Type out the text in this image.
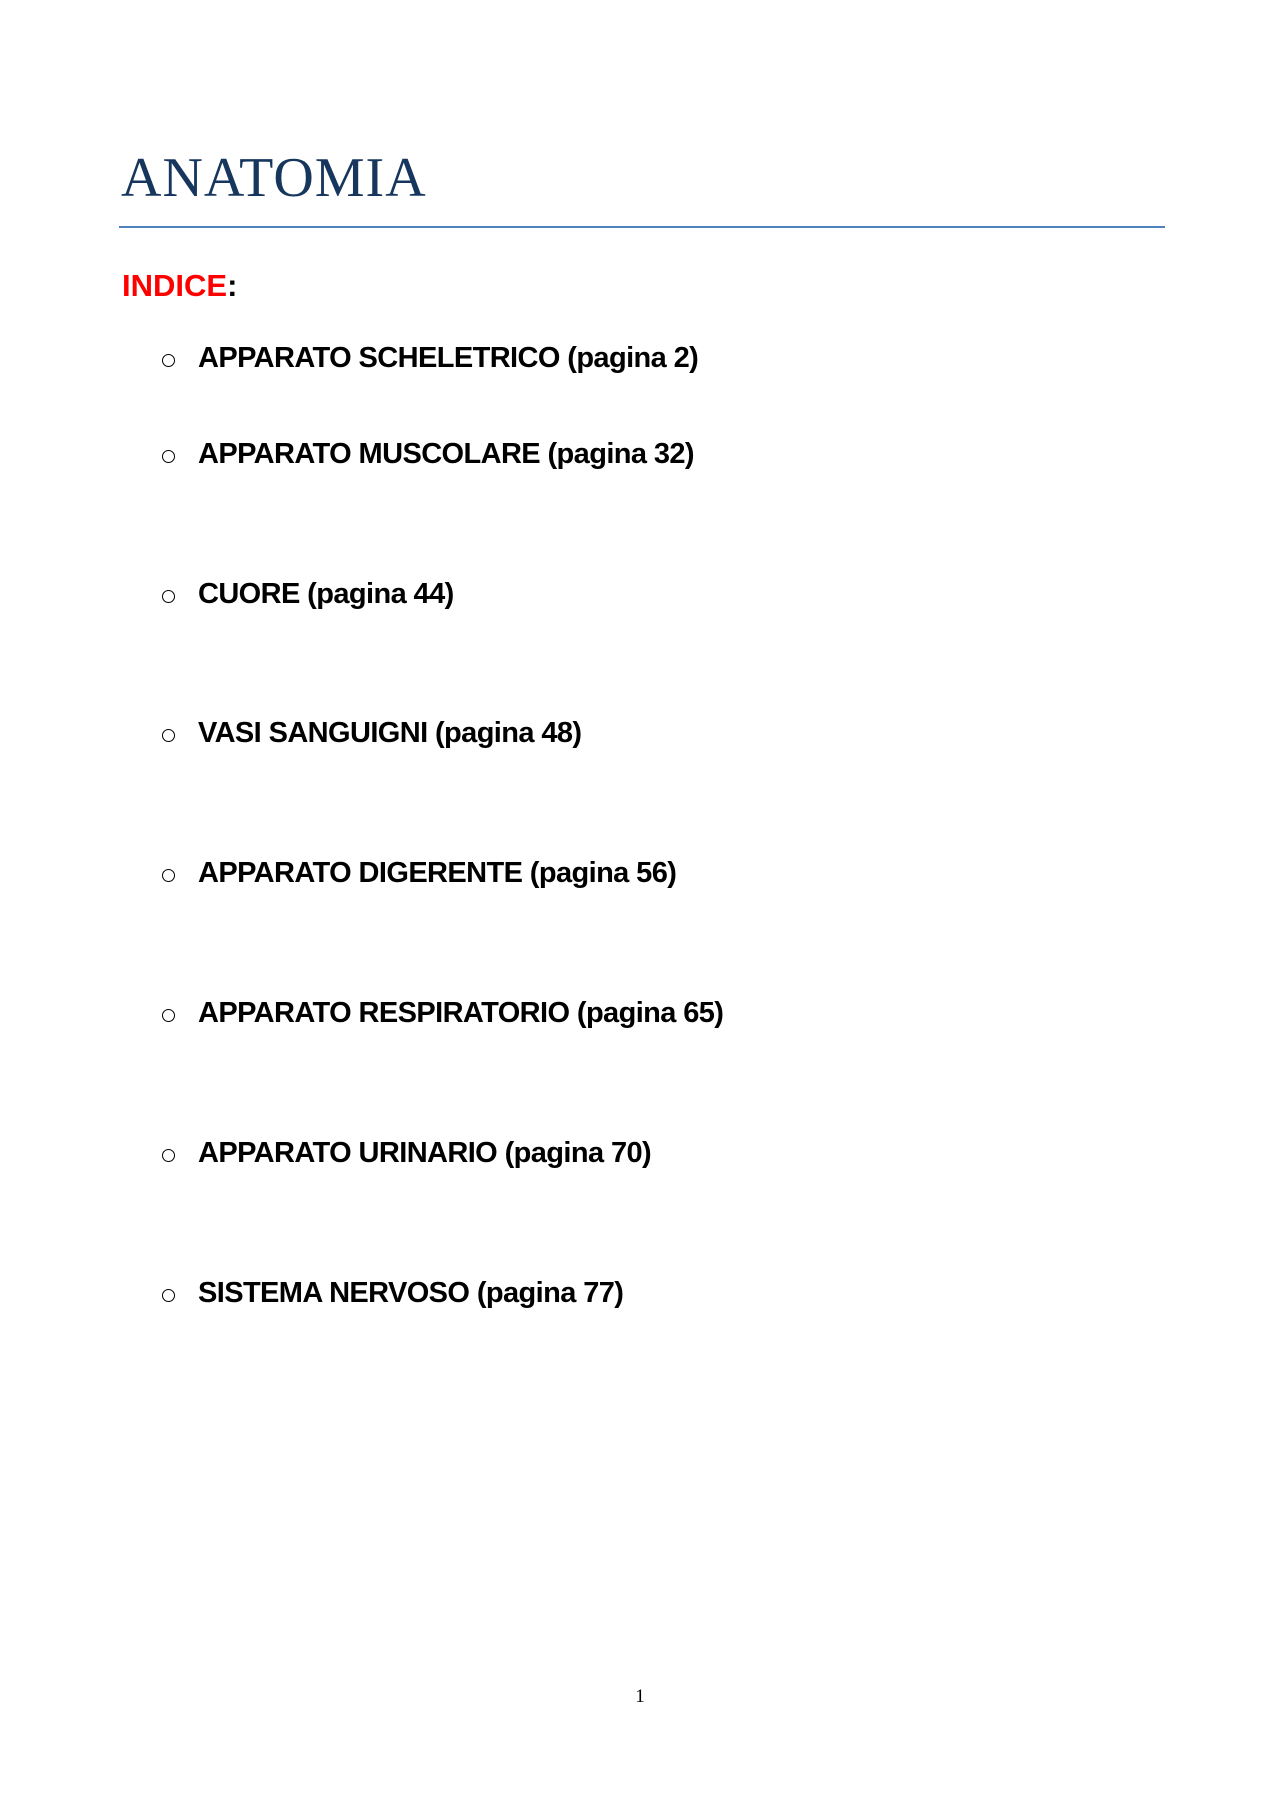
ANATOMIA
INDICE:
APPARATO SCHELETRICO (pagina 2)
APPARATO MUSCOLARE (pagina 32)
CUORE (pagina 44)
VASI SANGUIGNI (pagina 48)
APPARATO DIGERENTE (pagina 56)
APPARATO RESPIRATORIO (pagina 65)
APPARATO URINARIO (pagina 70)
SISTEMA NERVOSO (pagina 77)
1
